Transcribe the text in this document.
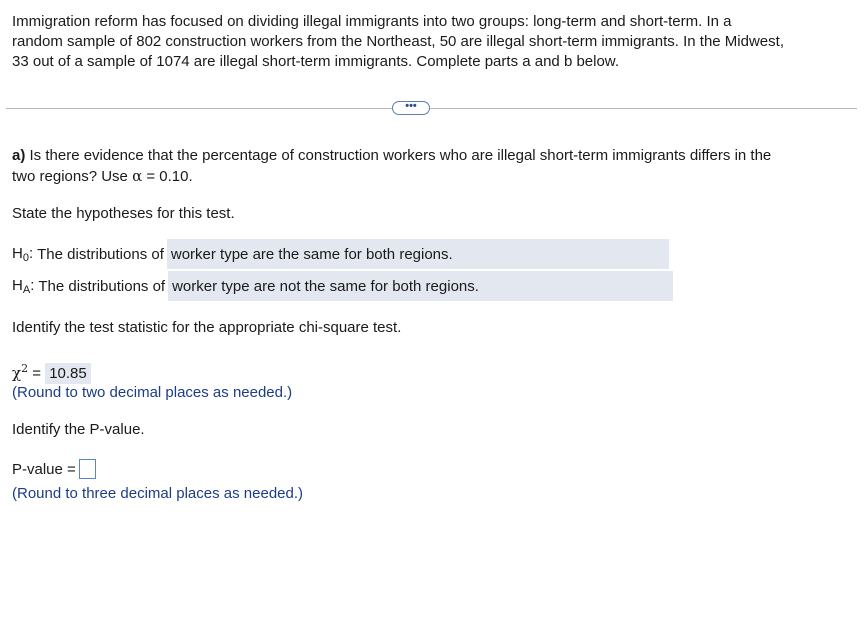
Immigration reform has focused on dividing illegal immigrants into two groups: long-term and short-term. In a
random sample of 802 construction workers from the Northeast, 50 are illegal short-term immigrants. In the Midwest,
33 out of a sample of 1074 are illegal short-term immigrants. Complete parts a and b below.
•••
a) Is there evidence that the percentage of construction workers who are illegal short-term immigrants differs in the
two regions? Use α = 0.10.
State the hypotheses for this test.
$H_0$: The distributions of worker type are the same for both regions.
$H_A$: The distributions of worker type are not the same for both regions.
Identify the test statistic for the appropriate chi-square test.
$\chi^2 = 10.85$
(Round to two decimal places as needed.)
Identify the P-value.
P-value =
(Round to three decimal places as needed.)
